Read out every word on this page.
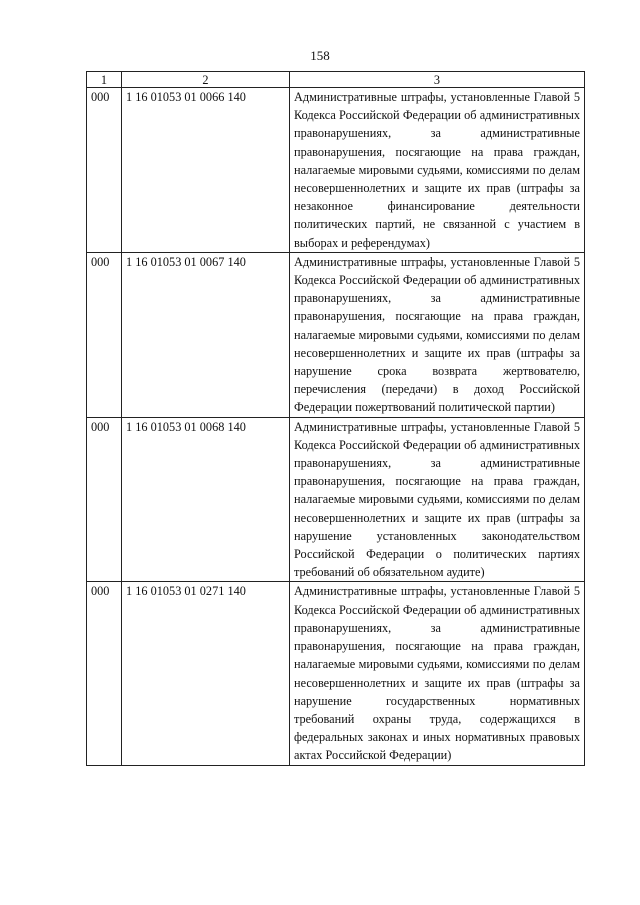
158
1	2	3
000	1 16 01053 01 0066 140	Административные штрафы, установленные Главой 5 Кодекса Российской Федерации об административных правонарушениях, за административные правонарушения, посягающие на права граждан, налагаемые мировыми судьями, комиссиями по делам несовершеннолетних и защите их прав (штрафы за незаконное финансирование деятельности политических партий, не связанной с участием в выборах и референдумах)
000	1 16 01053 01 0067 140	Административные штрафы, установленные Главой 5 Кодекса Российской Федерации об административных правонарушениях, за административные правонарушения, посягающие на права граждан, налагаемые мировыми судьями, комиссиями по делам несовершеннолетних и защите их прав (штрафы за нарушение срока возврата жертвователю, перечисления (передачи) в доход Российской Федерации пожертвований политической партии)
000	1 16 01053 01 0068 140	Административные штрафы, установленные Главой 5 Кодекса Российской Федерации об административных правонарушениях, за административные правонарушения, посягающие на права граждан, налагаемые мировыми судьями, комиссиями по делам несовершеннолетних и защите их прав (штрафы за нарушение установленных законодательством Российской Федерации о политических партиях требований об обязательном аудите)
000	1 16 01053 01 0271 140	Административные штрафы, установленные Главой 5 Кодекса Российской Федерации об административных правонарушениях, за административные правонарушения, посягающие на права граждан, налагаемые мировыми судьями, комиссиями по делам несовершеннолетних и защите их прав (штрафы за нарушение государственных нормативных требований охраны труда, содержащихся в федеральных законах и иных нормативных правовых актах Российской Федерации)
